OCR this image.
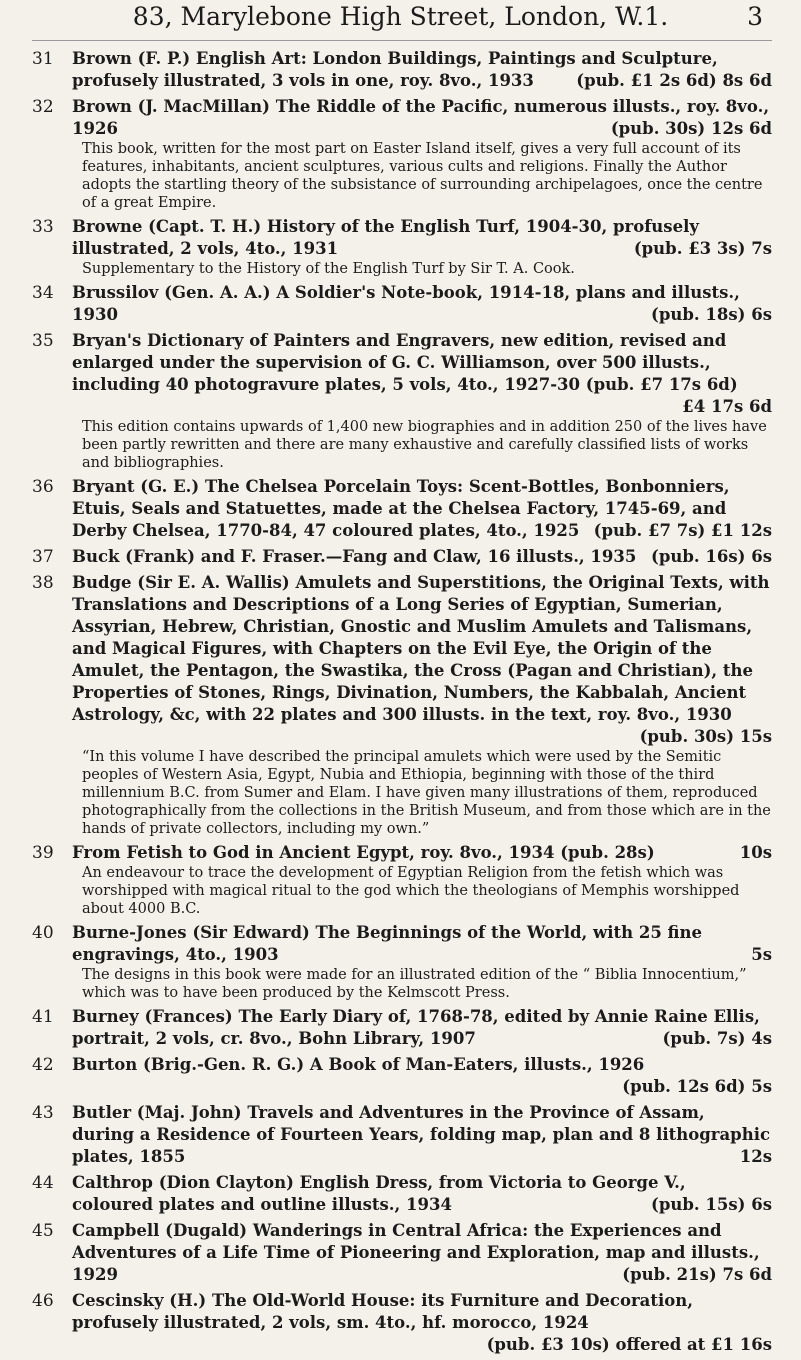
83, Marylebone High Street, London, W.1.	3
31 Brown (F. P.) English Art: London Buildings, Paintings and Sculpture, profusely illustrated, 3 vols in one, roy. 8vo., 1933	(pub. £1 2s 6d) 8s 6d
32 Brown (J. MacMillan) The Riddle of the Pacific, numerous illusts., roy. 8vo., 1926	(pub. 30s) 12s 6d
This book, written for the most part on Easter Island itself, gives a very full account of its features, inhabitants, ancient sculptures, various cults and religions. Finally the Author adopts the startling theory of the subsistance of surrounding archipelagoes, once the centre of a great Empire.
33 Browne (Capt. T. H.) History of the English Turf, 1904-30, profusely illustrated, 2 vols, 4to., 1931	(pub. £3 3s) 7s
Supplementary to the History of the English Turf by Sir T. A. Cook.
34 Brussilov (Gen. A. A.) A Soldier's Note-book, 1914-18, plans and illusts., 1930	(pub. 18s) 6s
35 Bryan's Dictionary of Painters and Engravers, new edition, revised and enlarged under the supervision of G. C. Williamson, over 500 illusts., including 40 photogravure plates, 5 vols, 4to., 1927-30 (pub. £7 17s 6d)
£4 17s 6d
This edition contains upwards of 1,400 new biographies and in addition 250 of the lives have been partly rewritten and there are many exhaustive and carefully classified lists of works and bibliographies.
36 Bryant (G. E.) The Chelsea Porcelain Toys: Scent-Bottles, Bonbonniers, Etuis, Seals and Statuettes, made at the Chelsea Factory, 1745-69, and Derby Chelsea, 1770-84, 47 coloured plates, 4to., 1925 (pub. £7 7s) £1 12s
37 Buck (Frank) and F. Fraser.—Fang and Claw, 16 illusts., 1935 (pub. 16s) 6s
38 Budge (Sir E. A. Wallis) Amulets and Superstitions, the Original Texts, with Translations and Descriptions of a Long Series of Egyptian, Sumerian, Assyrian, Hebrew, Christian, Gnostic and Muslim Amulets and Talismans, and Magical Figures, with Chapters on the Evil Eye, the Origin of the Amulet, the Pentagon, the Swastika, the Cross (Pagan and Christian), the Properties of Stones, Rings, Divination, Numbers, the Kabbalah, Ancient Astrology, &c, with 22 plates and 300 illusts. in the text, roy. 8vo., 1930
(pub. 30s) 15s
“In this volume I have described the principal amulets which were used by the Semitic peoples of Western Asia, Egypt, Nubia and Ethiopia, beginning with those of the third millennium B.C. from Sumer and Elam. I have given many illustrations of them, reproduced photographically from the collections in the British Museum, and from those which are in the hands of private collectors, including my own.”
39 From Fetish to God in Ancient Egypt, roy. 8vo., 1934 (pub. 28s)	10s
An endeavour to trace the development of Egyptian Religion from the fetish which was worshipped with magical ritual to the god which the theologians of Memphis worshipped about 4000 B.C.
40 Burne-Jones (Sir Edward) The Beginnings of the World, with 25 fine engravings, 4to., 1903	5s
The designs in this book were made for an illustrated edition of the “ Biblia Innocentium,” which was to have been produced by the Kelmscott Press.
41 Burney (Frances) The Early Diary of, 1768-78, edited by Annie Raine Ellis, portrait, 2 vols, cr. 8vo., Bohn Library, 1907	(pub. 7s) 4s
42 Burton (Brig.-Gen. R. G.) A Book of Man-Eaters, illusts., 1926
(pub. 12s 6d) 5s
43 Butler (Maj. John) Travels and Adventures in the Province of Assam, during a Residence of Fourteen Years, folding map, plan and 8 lithographic plates, 1855	12s
44 Calthrop (Dion Clayton) English Dress, from Victoria to George V., coloured plates and outline illusts., 1934	(pub. 15s) 6s
45 Campbell (Dugald) Wanderings in Central Africa: the Experiences and Adventures of a Life Time of Pioneering and Exploration, map and illusts., 1929	(pub. 21s) 7s 6d
46 Cescinsky (H.) The Old-World House: its Furniture and Decoration, profusely illustrated, 2 vols, sm. 4to., hf. morocco, 1924
(pub. £3 10s) offered at £1 16s
